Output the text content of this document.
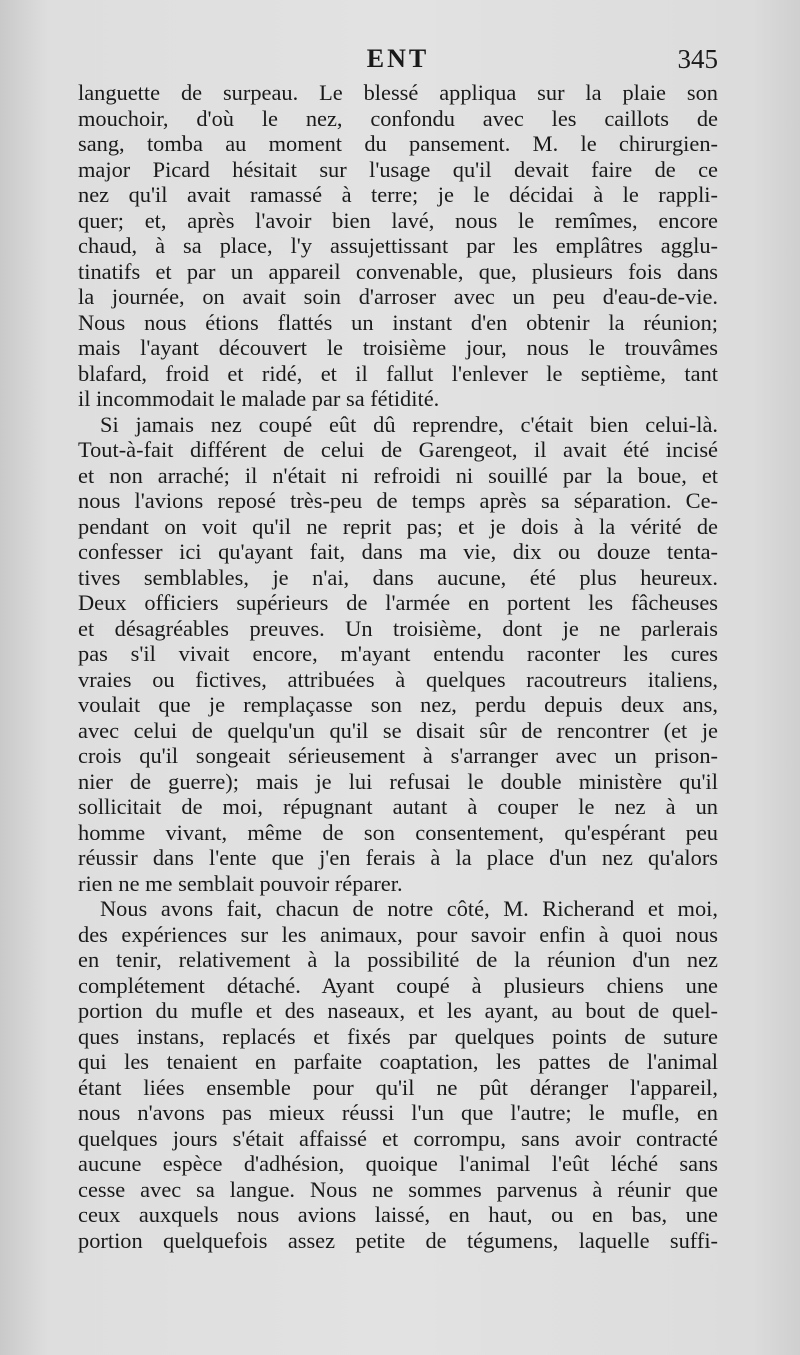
ENT	345

languette de surpeau. Le blessé appliqua sur la plaie son
mouchoir, d'où le nez, confondu avec les caillots de
sang, tomba au moment du pansement. M. le chirurgien-
major Picard hésitait sur l'usage qu'il devait faire de ce
nez qu'il avait ramassé à terre; je le décidai à le rappli-
quer; et, après l'avoir bien lavé, nous le remîmes, encore
chaud, à sa place, l'y assujettissant par les emplâtres agglu-
tinatifs et par un appareil convenable, que, plusieurs fois dans
la journée, on avait soin d'arroser avec un peu d'eau-de-vie.
Nous nous étions flattés un instant d'en obtenir la réunion;
mais l'ayant découvert le troisième jour, nous le trouvâmes
blafard, froid et ridé, et il fallut l'enlever le septième, tant
il incommodait le malade par sa fétidité.

Si jamais nez coupé eût dû reprendre, c'était bien celui-là.
Tout-à-fait différent de celui de Garengeot, il avait été incisé
et non arraché; il n'était ni refroidi ni souillé par la boue, et
nous l'avions reposé très-peu de temps après sa séparation. Ce-
pendant on voit qu'il ne reprit pas; et je dois à la vérité de
confesser ici qu'ayant fait, dans ma vie, dix ou douze tenta-
tives semblables, je n'ai, dans aucune, été plus heureux.
Deux officiers supérieurs de l'armée en portent les fâcheuses
et désagréables preuves. Un troisième, dont je ne parlerais
pas s'il vivait encore, m'ayant entendu raconter les cures
vraies ou fictives, attribuées à quelques racoutreurs italiens,
voulait que je remplaçasse son nez, perdu depuis deux ans,
avec celui de quelqu'un qu'il se disait sûr de rencontrer (et je
crois qu'il songeait sérieusement à s'arranger avec un prison-
nier de guerre); mais je lui refusai le double ministère qu'il
sollicitait de moi, répugnant autant à couper le nez à un
homme vivant, même de son consentement, qu'espérant peu
réussir dans l'ente que j'en ferais à la place d'un nez qu'alors
rien ne me semblait pouvoir réparer.

Nous avons fait, chacun de notre côté, M. Richerand et moi,
des expériences sur les animaux, pour savoir enfin à quoi nous
en tenir, relativement à la possibilité de la réunion d'un nez
complétement détaché. Ayant coupé à plusieurs chiens une
portion du mufle et des naseaux, et les ayant, au bout de quel-
ques instans, replacés et fixés par quelques points de suture
qui les tenaient en parfaite coaptation, les pattes de l'animal
étant liées ensemble pour qu'il ne pût déranger l'appareil,
nous n'avons pas mieux réussi l'un que l'autre; le mufle, en
quelques jours s'était affaissé et corrompu, sans avoir contracté
aucune espèce d'adhésion, quoique l'animal l'eût léché sans
cesse avec sa langue. Nous ne sommes parvenus à réunir que
ceux auxquels nous avions laissé, en haut, ou en bas, une
portion quelquefois assez petite de tégumens, laquelle suffi-
